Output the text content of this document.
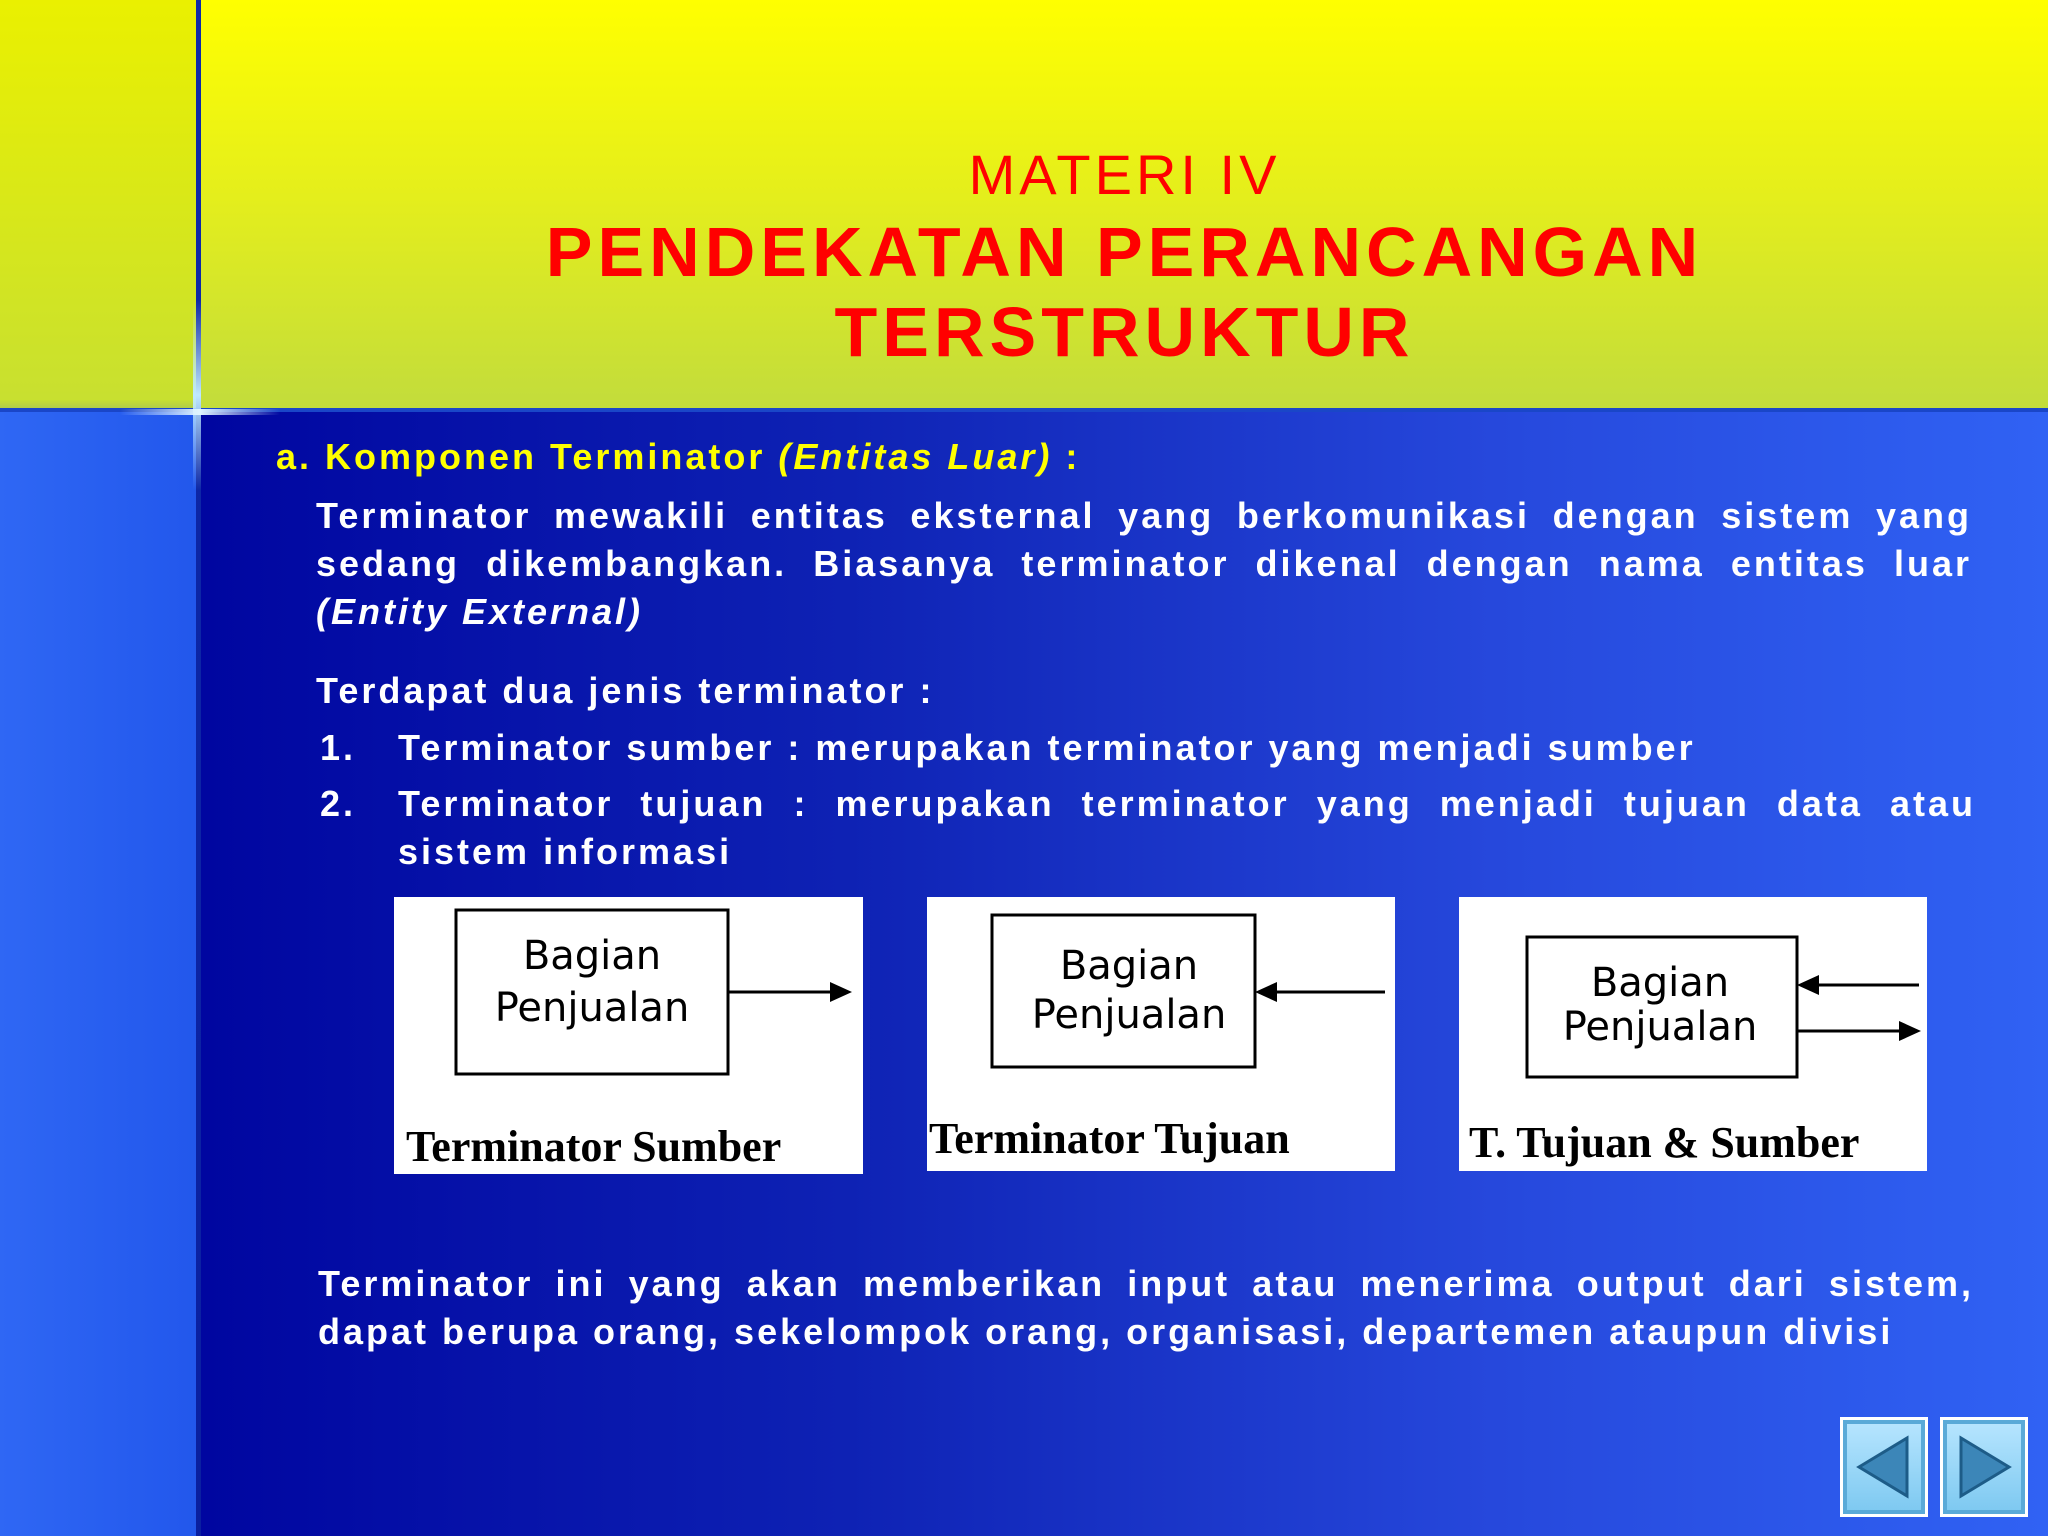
MATERI IV

PENDEKATAN PERANCANGAN

TERSTRUKTUR

a. Komponen Terminator (Entitas Luar) :

Terminator mewakili entitas eksternal yang berkomunikasi dengan sistem yang sedang dikembangkan. Biasanya terminator dikenal dengan nama entitas luar (Entity External)

Terdapat dua jenis terminator :

1. Terminator sumber : merupakan terminator yang menjadi sumber
2. Terminator tujuan : merupakan terminator yang menjadi tujuan data atau sistem informasi
Bagian
Penjualan
Terminator Sumber
Bagian
Penjualan
Terminator Tujuan
Bagian
Penjualan
T. Tujuan & Sumber

Terminator ini yang akan memberikan input atau menerima output dari sistem, dapat berupa orang, sekelompok orang, organisasi, departemen ataupun divisi
